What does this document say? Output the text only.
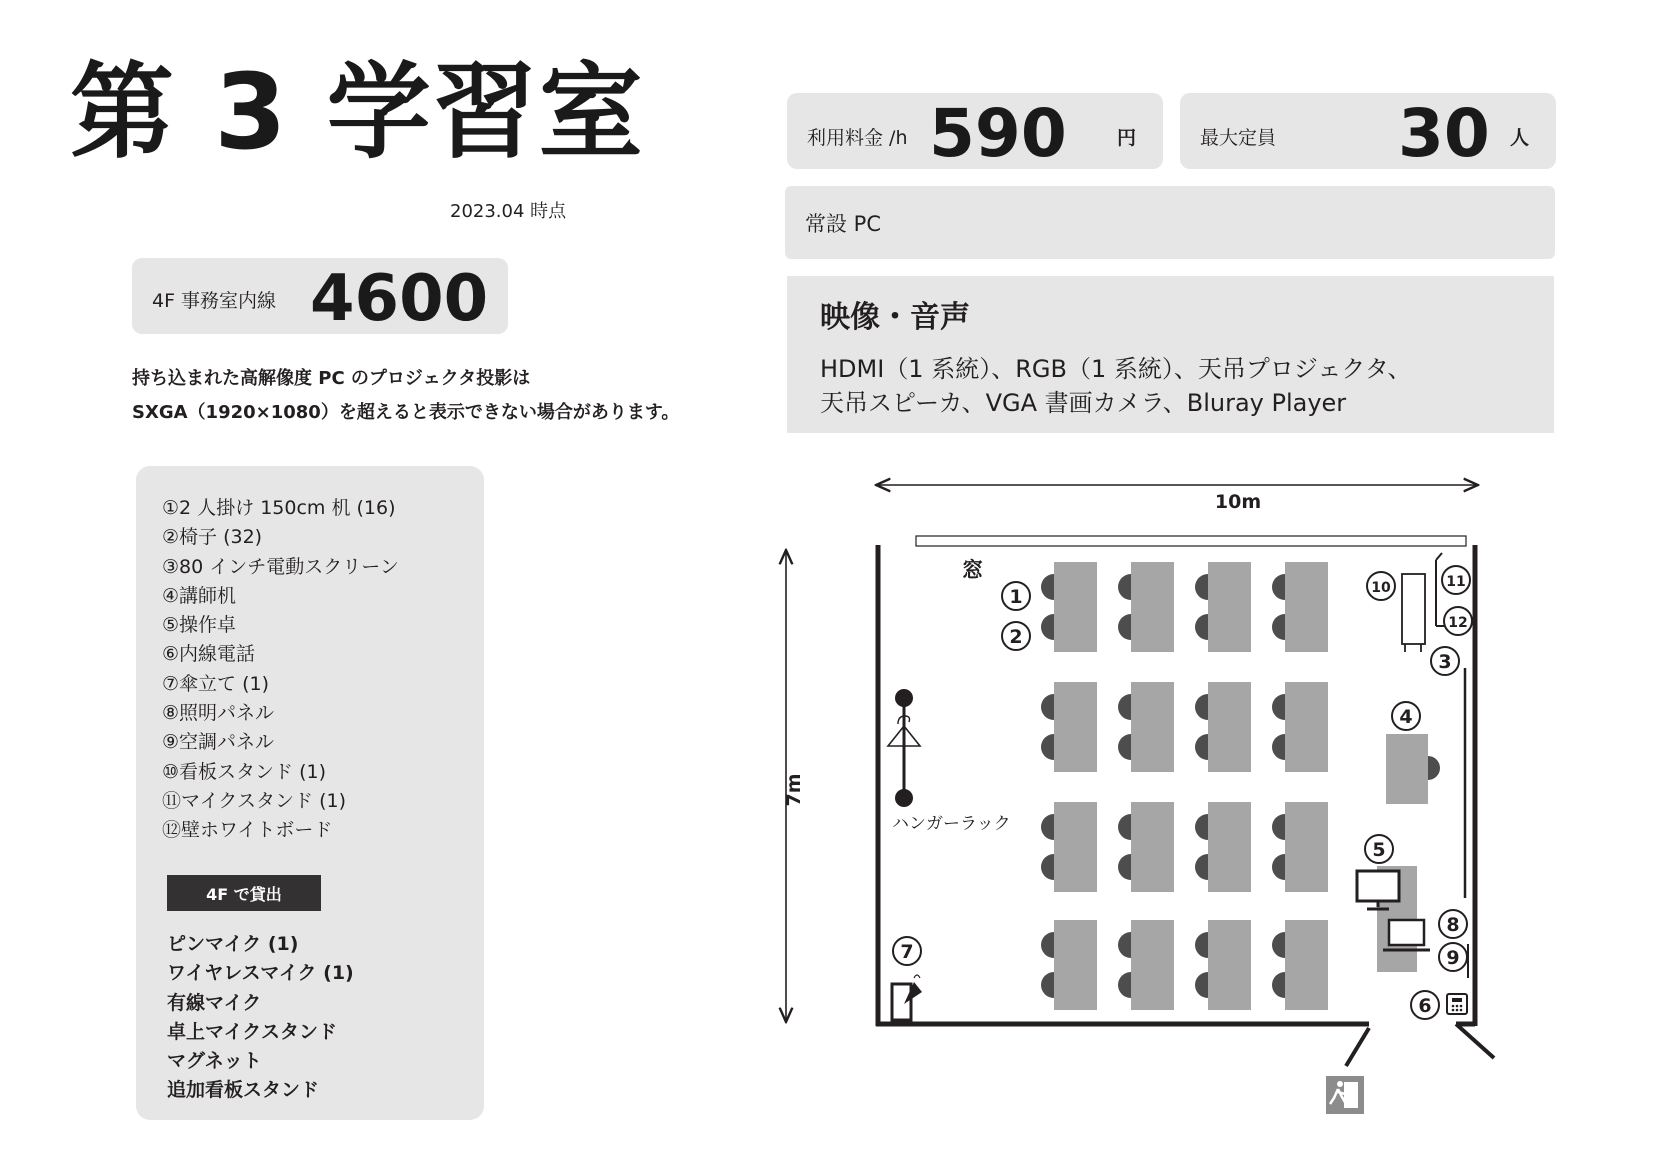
第 3 学習室
2023.04 時点
4F 事務室内線 4600
持ち込まれた高解像度 PC のプロジェクタ投影は
SXGA（1920×1080）を超えると表示できない場合があります。
利用料金 /h 590	円	最大定員 30 人
常設 PC
映像・音声
HDMI（1 系統）、RGB（1 系統）、天吊プロジェクタ、
天吊スピーカ、VGA 書画カメラ、Bluray Player
①2 人掛け 150cm 机 (16)
②椅子 (32)
③80 インチ電動スクリーン
④講師机
⑤操作卓
⑥内線電話
⑦傘立て (1)
⑧照明パネル
⑨空調パネル
⑩看板スタンド (1)
⑪マイクスタンド (1)
⑫壁ホワイトボード
4F で貸出
ピンマイク (1)
ワイヤレスマイク (1)
有線マイク
卓上マイクスタンド
マグネット
追加看板スタンド
10m
7m
窓
ハンガーラック
1
2
3
4
5
6
7
8
9
10	11
12
